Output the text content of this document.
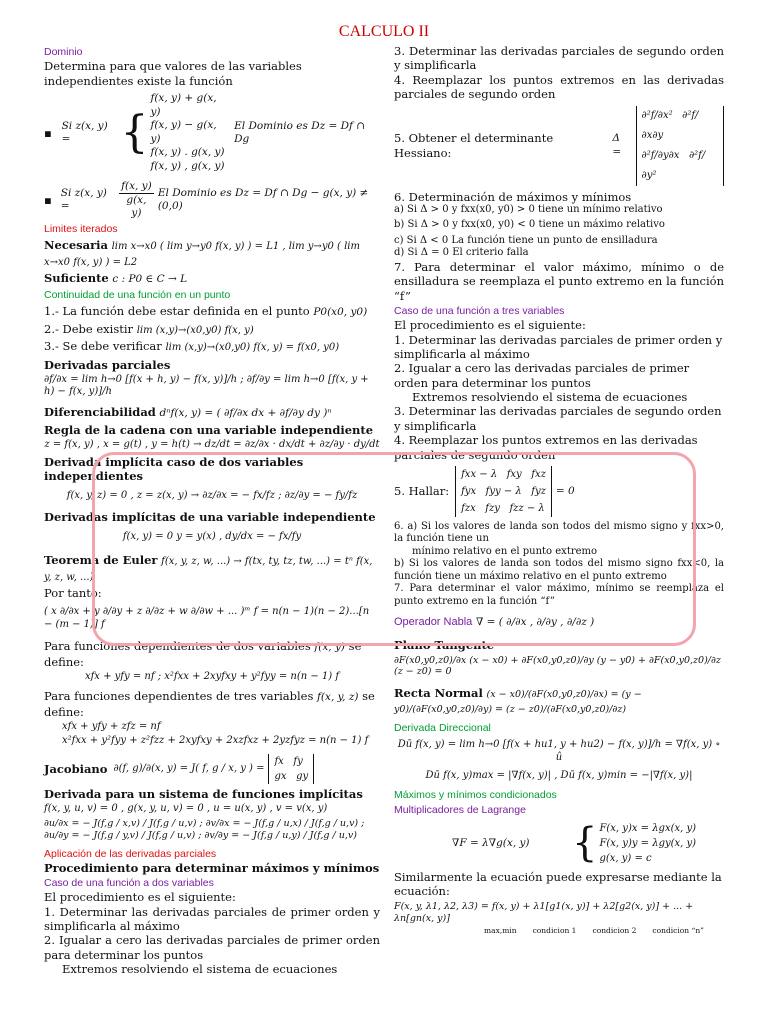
CALCULO II
Dominio

Determina para que valores de las variables independientes existe la función

▪ Si z(x, y) =	{
f(x, y) + g(x, y)
f(x, y) − g(x, y)
f(x, y) . g(x, y)
f(x, y) , g(x, y)
El Dominio es Dz = Df ∩ Dg
▪ Si z(x, y) =	$\frac{f(x, y)}{g(x, y)}$ El Dominio es Dz = Df ∩ Dg − g(x, y) ≠ (0,0)
Limites iterados
Necesaria lim x→x0 ( lim y→y0 f(x, y) ) = L1 , lim y→y0 ( lim x→x0 f(x, y) ) = L2
Suficiente c : P0 ∈ C → L
Continuidad de una función en un punto
1.- La función debe estar definida en el punto P0(x0, y0)
2.- Debe existir lim (x,y)→(x0,y0) f(x, y)
3.- Se debe verificar lim (x,y)→(x0,y0) f(x, y) = f(x0, y0)
Derivadas parciales
∂f/∂x = lim h→0 [f(x + h, y) − f(x, y)]/h ; ∂f/∂y = lim h→0 [f(x, y + h) − f(x, y)]/h
Diferenciabilidad dⁿf(x, y) = ( ∂f/∂x dx + ∂f/∂y dy )ⁿ
Regla de la cadena con una variable independiente
z = f(x, y) , x = g(t) , y = h(t) → dz/dt = ∂z/∂x · dx/dt + ∂z/∂y · dy/dt
Derivada implícita caso de dos variables independientes
f(x, y, z) = 0 , z = z(x, y) → ∂z/∂x = − fx/fz ; ∂z/∂y = − fy/fz
Derivadas implícitas de una variable independiente
f(x, y) = 0 y = y(x) , dy/dx = − fx/fy
Teorema de Euler f(x, y, z, w, ...) → f(tx, ty, tz, tw, ...) = tⁿ f(x, y, z, w, ...)
Por tanto:
( x ∂/∂x + y ∂/∂y + z ∂/∂z + w ∂/∂w + ... )ᵐ f = n(n − 1)(n − 2)...[n − (m − 1)] f
Para funciones dependientes de dos variables f(x, y) se define:
xfx + yfy = nf ; x²fxx + 2xyfxy + y²fyy = n(n − 1) f
Para funciones dependientes de tres variables f(x, y, z) se define:
xfx + yfy + zfz = nf
x²fxx + y²fyy + z²fzz + 2xyfxy + 2xzfxz + 2yzfyz = n(n − 1) f
Jacobiano ∂(f, g)/∂(x, y) = J( f, g / x, y ) =
fx fy
gx gy
Derivada para un sistema de funciones implícitas
f(x, y, u, v) = 0 , g(x, y, u, v) = 0 , u = u(x, y) , v = v(x, y)
∂u/∂x = − J(f,g / x,v) / J(f,g / u,v) ; ∂v/∂x = − J(f,g / u,x) / J(f,g / u,v) ; ∂u/∂y = − J(f,g / y,v) / J(f,g / u,v) ; ∂v/∂y = − J(f,g / u,y) / J(f,g / u,v)
Aplicación de las derivadas parciales
Procedimiento para determinar máximos y mínimos
Caso de una función a dos variables

El procedimiento es el siguiente:

1. Determinar las derivadas parciales de primer orden y simplificarla al máximo

2. Igualar a cero las derivadas parciales de primer orden para determinar los puntos

Extremos resolviendo el sistema de ecuaciones

3. Determinar las derivadas parciales de segundo orden y simplificarla

4. Reemplazar los puntos extremos en las derivadas parciales de segundo orden

5. Obtener el determinante Hessiano:
Δ =
∂²f/∂x² ∂²f/∂x∂y
∂²f/∂y∂x ∂²f/∂y²

6. Determinación de máximos y mínimos

a) Si Δ > 0 y fxx(x0, y0) > 0 tiene un mínimo relativo

b) Si Δ > 0 y fxx(x0, y0) < 0 tiene un máximo relativo

c) Si Δ < 0 La función tiene un punto de ensilladura

d) Si Δ = 0 El criterio falla

7. Para determinar el valor máximo, mínimo o de ensilladura se reemplaza el punto extremo en la función “f”

Caso de una función a tres variables

El procedimiento es el siguiente:

1. Determinar las derivadas parciales de primer orden y simplificarla al máximo

2. Igualar a cero las derivadas parciales de primer orden para determinar los puntos

Extremos resolviendo el sistema de ecuaciones

3. Determinar las derivadas parciales de segundo orden y simplificarla

4. Reemplazar los puntos extremos en las derivadas parciales de segundo orden

5. Hallar:
fxx − λ fxy fxz
fyx fyy − λ fyz
fzx fzy fzz − λ
= 0

6. a) Si los valores de landa son todos del mismo signo y fxx>0, la función tiene un

mínimo relativo en el punto extremo

b) Si los valores de landa son todos del mismo signo fxx<0, la función tiene un máximo relativo en el punto extremo

7. Para determinar el valor máximo, mínimo se reemplaza el punto extremo en la función “f”

Operador Nabla ∇ = ( ∂/∂x , ∂/∂y , ∂/∂z )
Plano Tangente
∂F(x0,y0,z0)/∂x (x − x0) + ∂F(x0,y0,z0)/∂y (y − y0) + ∂F(x0,y0,z0)/∂z (z − z0) = 0
Recta Normal (x − x0)/(∂F(x0,y0,z0)/∂x) = (y − y0)/(∂F(x0,y0,z0)/∂y) = (z − z0)/(∂F(x0,y0,z0)/∂z)
Derivada Direccional
Dū f(x, y) = lim h→0 [f(x + hu1, y + hu2) − f(x, y)]/h = ∇f(x, y) ∘ û
Dū f(x, y)max = |∇f(x, y)| , Dū f(x, y)min = −|∇f(x, y)|
Máximos y mínimos condicionados
Multiplicadores de Lagrange
∇F = λ∇g(x, y)	{ F(x, y)x = λgx(x, y)
F(x, y)y = λgy(x, y)
g(x, y) = c

Similarmente la ecuación puede expresarse mediante la ecuación:

F(x, y, λ1, λ2, λ3) = f(x, y) + λ1[g1(x, y)] + λ2[g2(x, y)] + ... + λn[gn(x, y)]
max,min condicion 1 condicion 2 condicion “n”
